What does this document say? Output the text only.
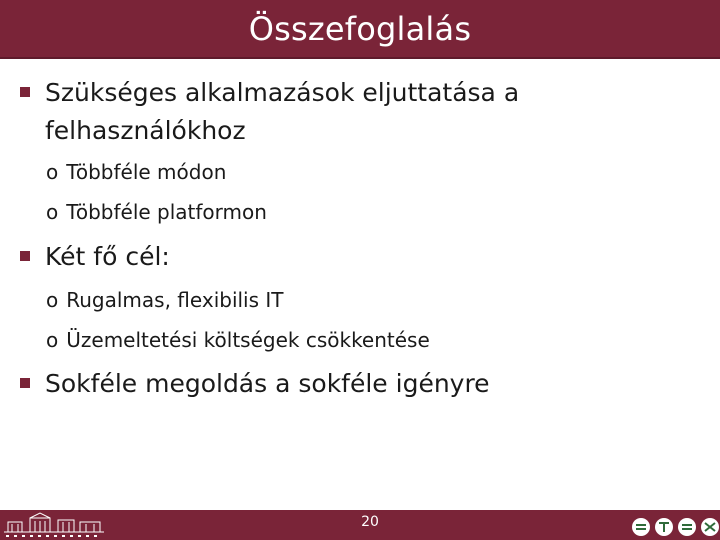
Összefoglalás
Szükséges alkalmazások eljuttatása a felhasználókhoz
o Többféle módon
o Többféle platformon
Két fő cél:
o Rugalmas, flexibilis IT
o Üzemeltetési költségek csökkentése
Sokféle megoldás a sokféle igényre
20
